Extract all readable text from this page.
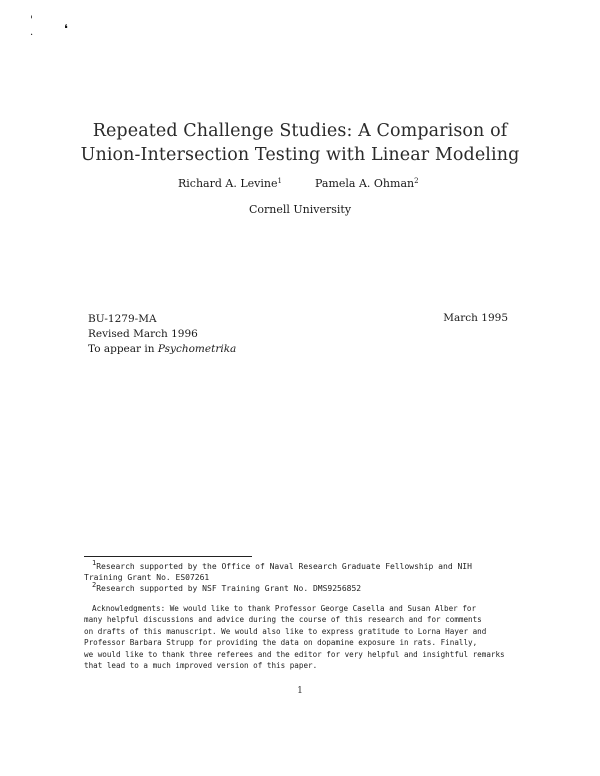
'
.	❛
Repeated Challenge Studies: A Comparison of
Union-Intersection Testing with Linear Modeling
Richard A. Levine$^1$	Pamela A. Ohman$^2$
Cornell University
BU-1279-MA
Revised March 1996
To appear in Psychometrika
March 1995
$^1$Research supported by the Office of Naval Research Graduate Fellowship and NIH
Training Grant No. ES07261
$^2$Research supported by NSF Training Grant No. DMS9256852
Acknowledgments: We would like to thank Professor George Casella and Susan Alber for
many helpful discussions and advice during the course of this research and for comments
on drafts of this manuscript. We would also like to express gratitude to Lorna Hayer and
Professor Barbara Strupp for providing the data on dopamine exposure in rats. Finally,
we would like to thank three referees and the editor for very helpful and insightful remarks
that lead to a much improved version of this paper.
1
